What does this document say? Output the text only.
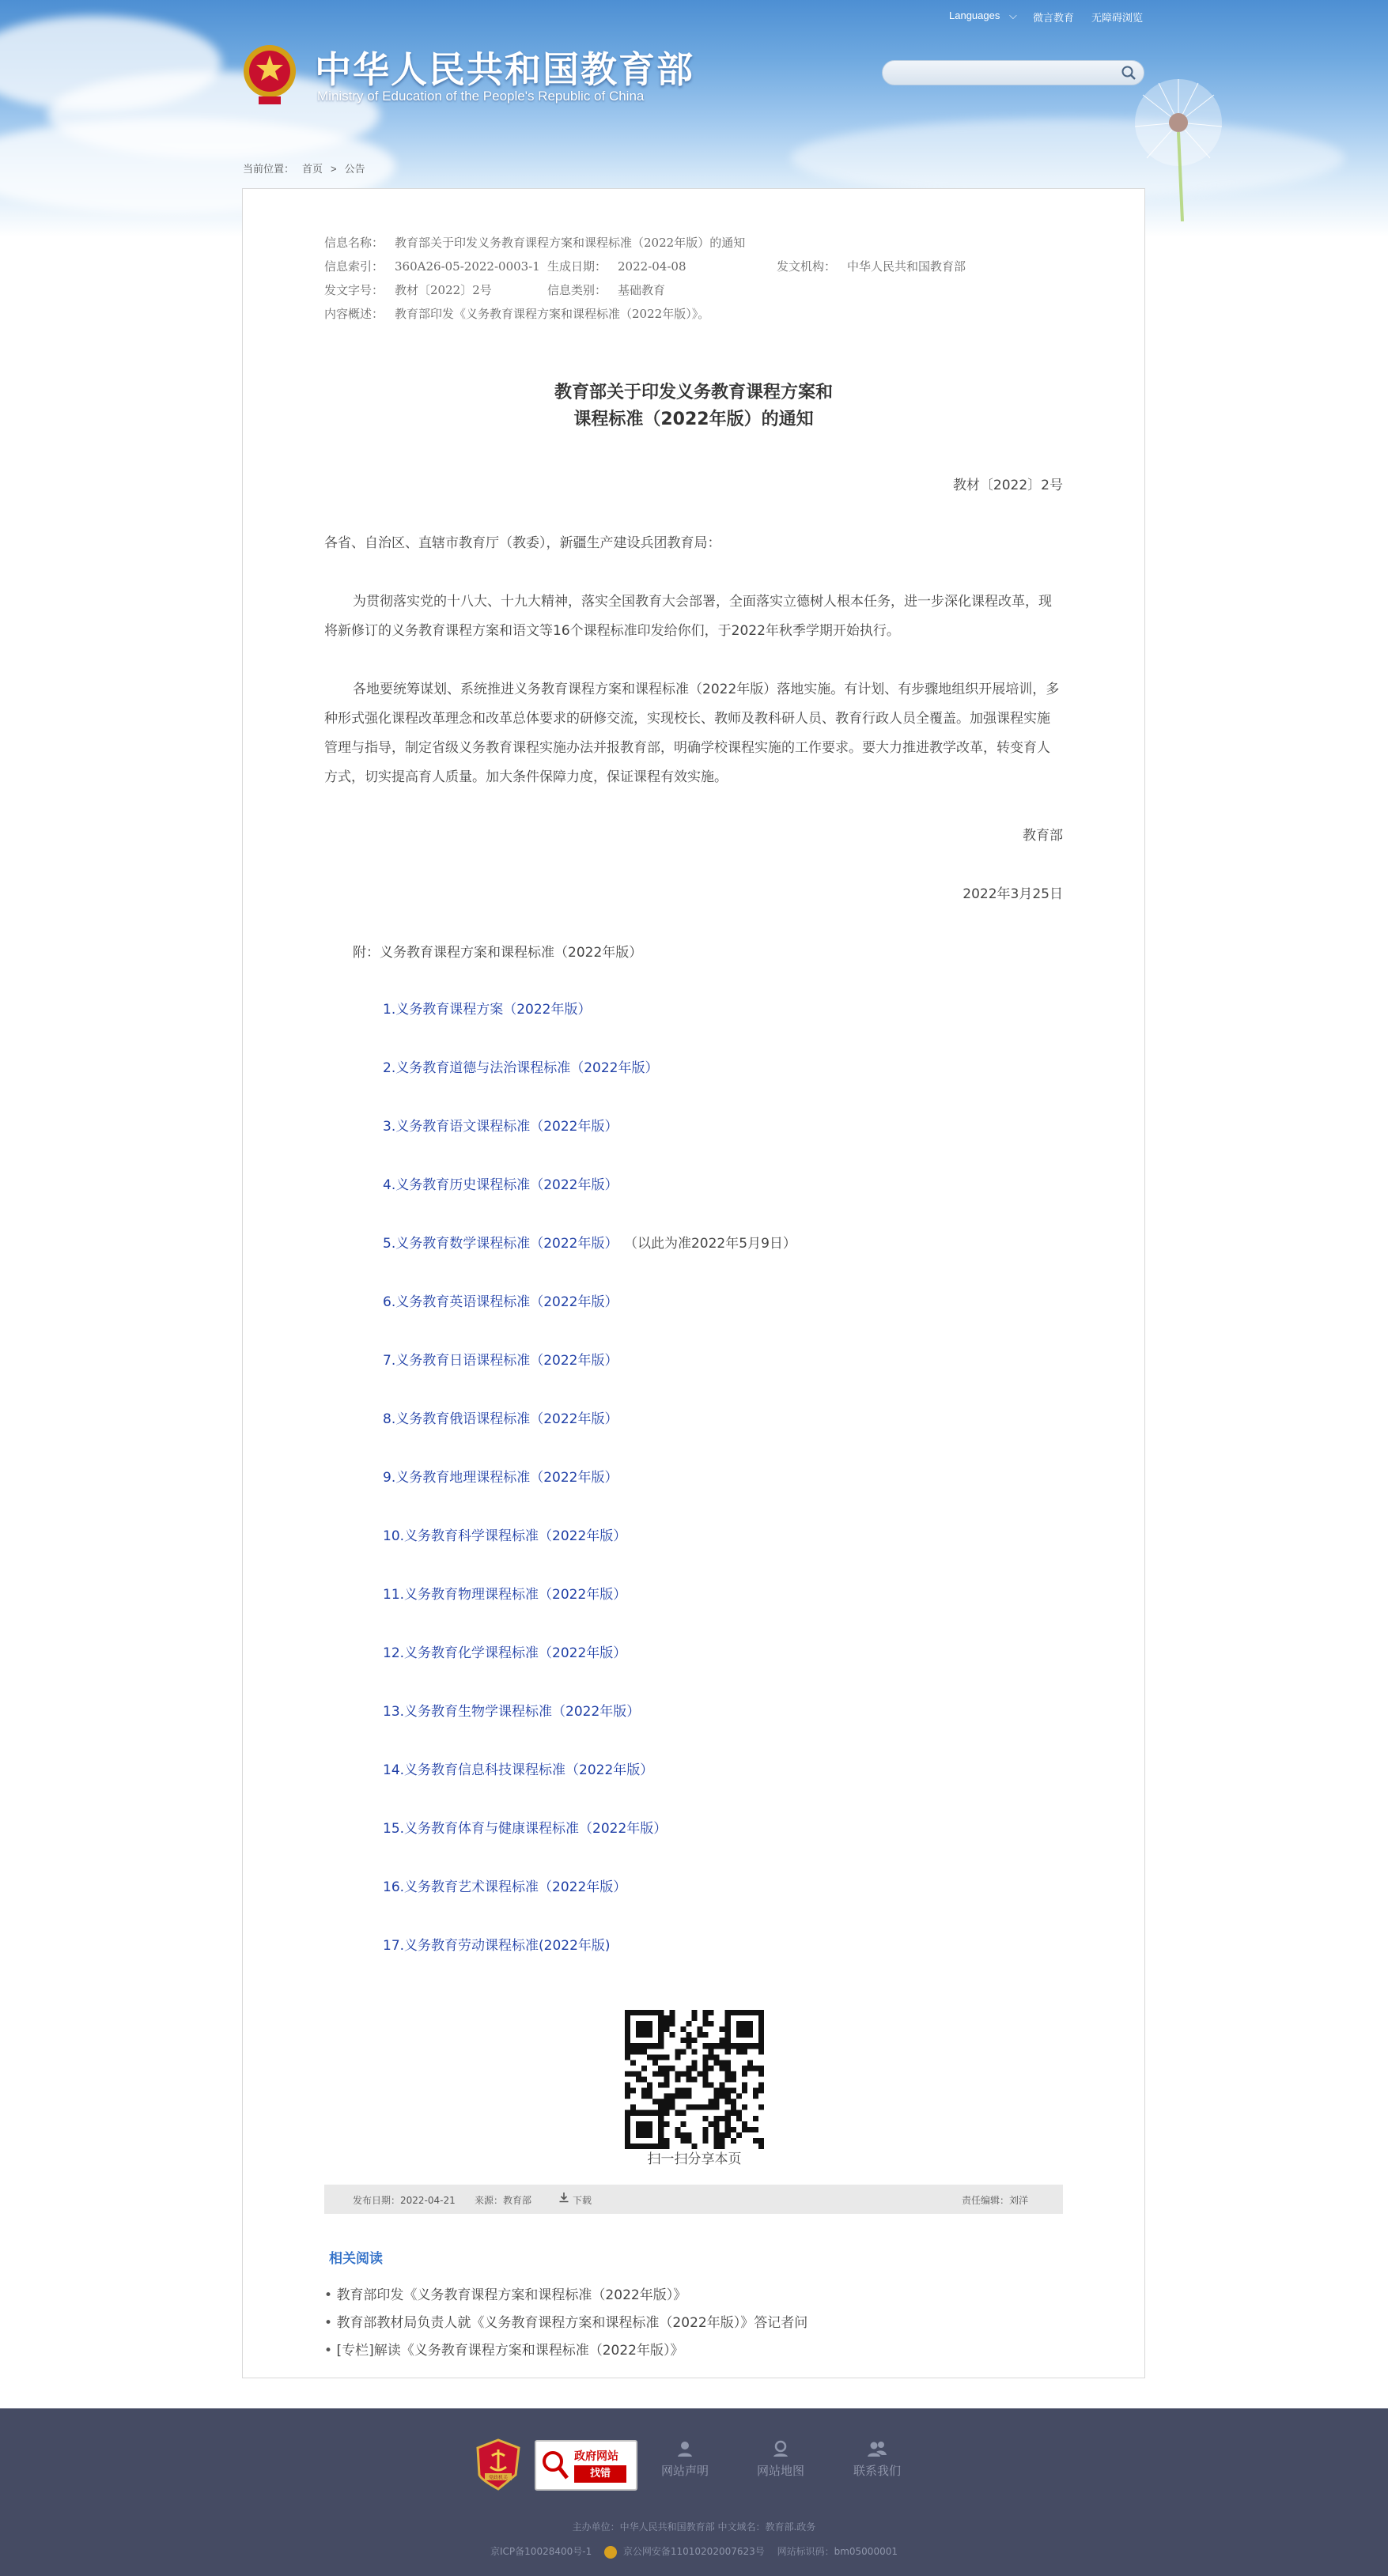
中华人民共和国教育部
Ministry of Education of the People's Republic of China
Languages ⌵ 微言教育 无障碍浏览
当前位置： 首页 > 公告
信息名称： 教育部关于印发义务教育课程方案和课程标准（2022年版）的通知
信息索引： 360A26-05-2022-0003-1 生成日期： 2022-04-08	发文机构： 中华人民共和国教育部
发文字号： 教材〔2022〕2号	信息类别： 基础教育
内容概述： 教育部印发《义务教育课程方案和课程标准（2022年版）》。
教育部关于印发义务教育课程方案和
课程标准（2022年版）的通知
教材〔2022〕2号
各省、自治区、直辖市教育厅（教委），新疆生产建设兵团教育局：
为贯彻落实党的十八大、十九大精神，落实全国教育大会部署，全面落实立德树人根本任务，进一步深化课程改革，现将新修订的义务教育课程方案和语文等16个课程标准印发给你们，于2022年秋季学期开始执行。
各地要统筹谋划、系统推进义务教育课程方案和课程标准（2022年版）落地实施。有计划、有步骤地组织开展培训，多种形式强化课程改革理念和改革总体要求的研修交流，实现校长、教师及教科研人员、教育行政人员全覆盖。加强课程实施管理与指导，制定省级义务教育课程实施办法并报教育部，明确学校课程实施的工作要求。要大力推进教学改革，转变育人方式，切实提高育人质量。加大条件保障力度，保证课程有效实施。
教育部
2022年3月25日
附：义务教育课程方案和课程标准（2022年版）
1.义务教育课程方案（2022年版）
2.义务教育道德与法治课程标准（2022年版）
3.义务教育语文课程标准（2022年版）
4.义务教育历史课程标准（2022年版）
5.义务教育数学课程标准（2022年版） （以此为准2022年5月9日）
6.义务教育英语课程标准（2022年版）
7.义务教育日语课程标准（2022年版）
8.义务教育俄语课程标准（2022年版）
9.义务教育地理课程标准（2022年版）
10.义务教育科学课程标准（2022年版）
11.义务教育物理课程标准（2022年版）
12.义务教育化学课程标准（2022年版）
13.义务教育生物学课程标准（2022年版）
14.义务教育信息科技课程标准（2022年版）
15.义务教育体育与健康课程标准（2022年版）
16.义务教育艺术课程标准（2022年版）
17.义务教育劳动课程标准(2022年版)
扫一扫分享本页
发布日期：2022-04-21 来源：教育部	下载	责任编辑：刘洋
相关阅读
• 教育部印发《义务教育课程方案和课程标准（2022年版）》
• 教育部教材局负责人就《义务教育课程方案和课程标准（2022年版）》答记者问
• [专栏]解读《义务教育课程方案和课程标准（2022年版）》
党政机关
政府网站
找错	网站声明	网站地图	联系我们
主办单位：中华人民共和国教育部 中文域名：教育部.政务
京ICP备10028400号-1	京公网安备11010202007623号 网站标识码：bm05000001
